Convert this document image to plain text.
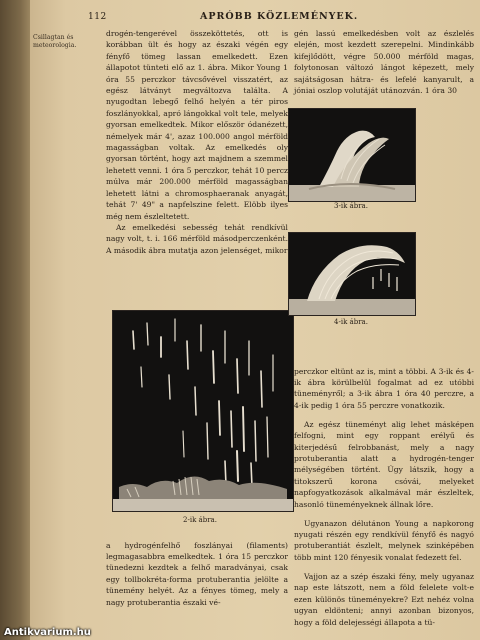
112	APRÓBB KÖZLEMÉNYEK.
Csillagtan és meteorologia.

drogén-tengerével összeköttetés, ott is korábban ült és hogy az északi végén egy fényfő tömeg lassan emelkedett. Ezen állapotot tünteti elő az 1. ábra. Mikor Young 1 óra 55 perczkor távcsővével visszatért, az egész látványt megváltozva találta. A nyugodtan lebegő felhő helyén a tér piros foszlányokkal, apró lángokkal volt tele, melyek gyorsan emelkedtek. Mikor először ódanézett, némelyek már 4', azaz 100.000 angol mérföld magasságban voltak. Az emelkedés oly gyorsan történt, hogy azt majdnem a szemmel lehetett venni. 1 óra 5 perczkor, tehát 10 percz múlva már 200.000 mérföld magasságban lehetett látni a chromosphaeranak anyagát, tehát 7' 49" a napfelszine felett. Elöbb ilyes még nem észleltetett.

Az emelkedési sebesség tehát rendkívül nagy volt, t. i. 166 mérföld másodperczenként. A második ábra mutatja azon jelenséget, mikor

2-ik ábra.

a hydrogénfelhő foszlányai (filaments) legmagasabbra emelkedtek. 1 óra 15 perczkor tünedezni kezdtek a felhő maradványai, csak egy tollbokréta-forma protuberantia jelölte a tünemény helyét. Az a fényes tömeg, mely a nagy protuberantia északi vé-

gén lassú emelkedésben volt az észlelés elején, most kezdett szerepelni. Mindinkább kifejlődött, végre 50.000 mérföld magas, folytonosan változó lángot képezett, mely sajátságosan hátra- és lefelé kanyarult, a jóniai oszlop volutáját utánozván. 1 óra 30

3-ik ábra.
4-ik ábra.

perczkor eltünt az is, mint a többi. A 3-ik és 4-ik ábra körülbelül fogalmat ad ez utóbbi tüneményről; a 3-ik ábra 1 óra 40 perczre, a 4-ik pedig 1 óra 55 perczre vonatkozik.

Az egész tüneményt alig lehet másképen felfogni, mint egy roppant erélyű és kiterjedésű felrobbanást, mely a nagy protuberantia alatt a hydrogén-tenger mélységében történt. Úgy látszik, hogy a titokszerű korona csóvái, melyeket napfogyatkozások alkalmával már észleltek, hasonló tüneményeknek állnak lőre.

Ugyanazon délutánon Young a napkorong nyugati részén egy rendkívül fényfő és nagyó protuberantiát észlelt, melynek szinképében több mint 120 fényesik vonalat fedezett fel.

Vajjon az a szép északi fény, mely ugyanaz nap este látszott, nem a föld felelete volt-e ezen különös tüneményekre? Ezt nehéz volna ugyan eldönteni; annyi azonban bizonyos, hogy a föld delejességi állapota a tü-

Antikvarium.hu
